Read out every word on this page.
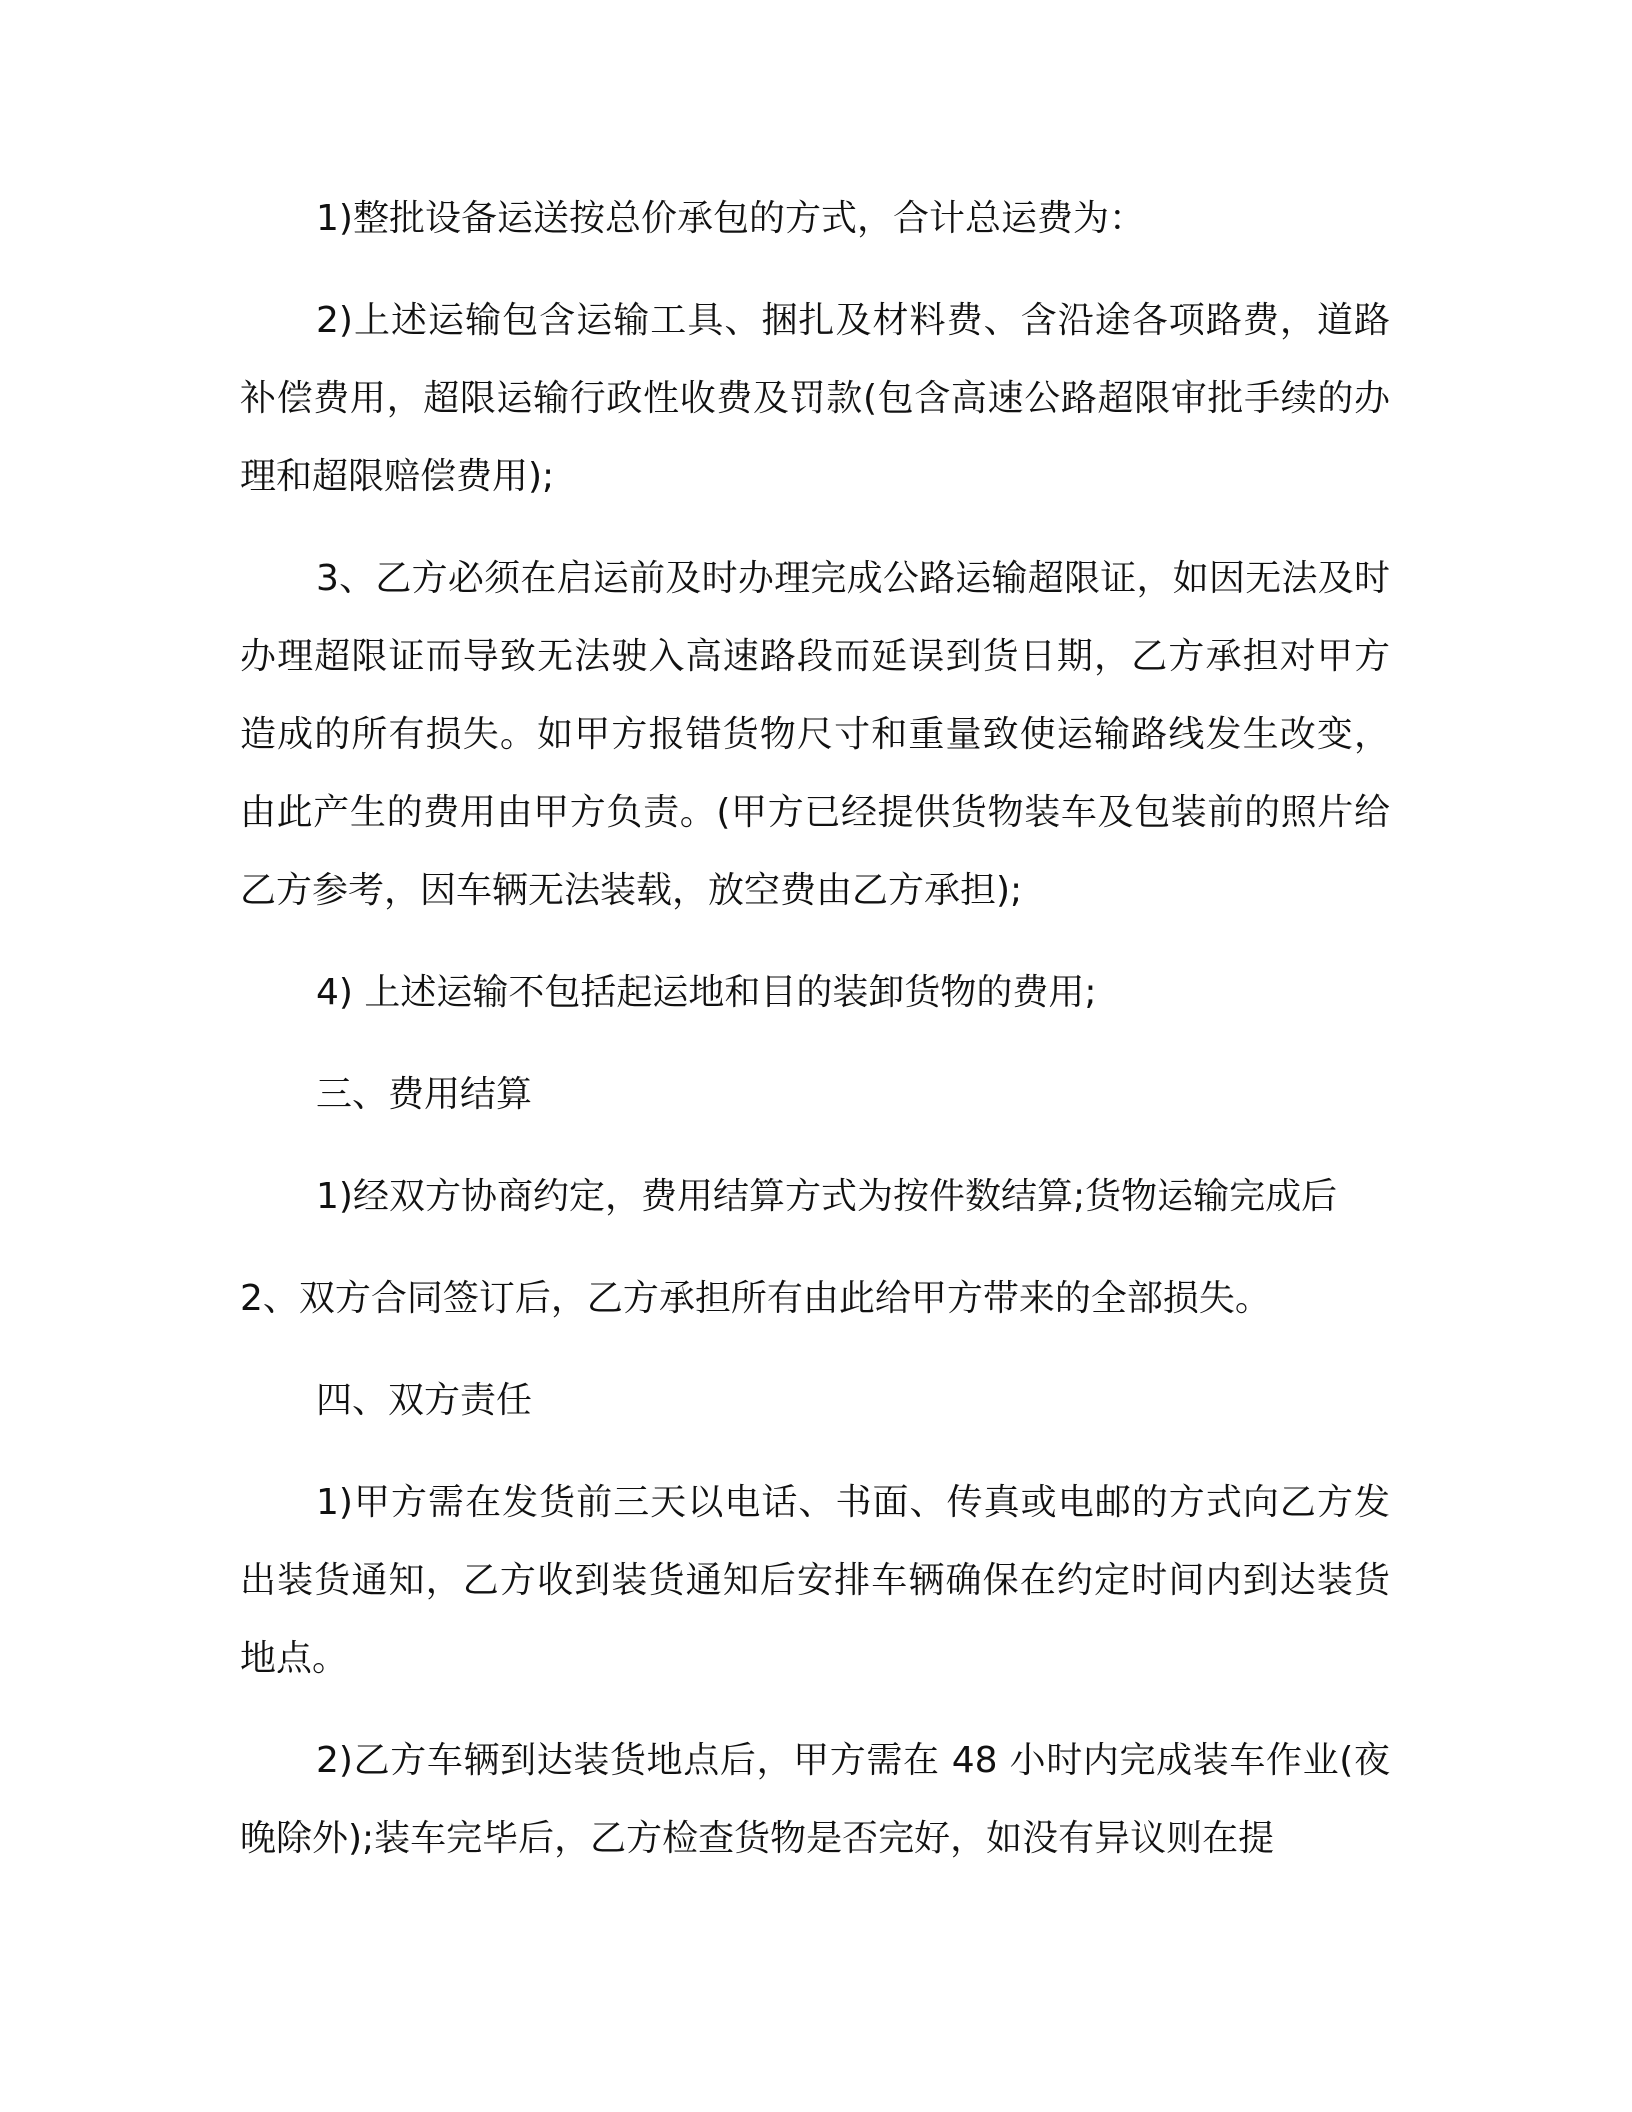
1)整批设备运送按总价承包的方式，合计总运费为：

2)上述运输包含运输工具、捆扎及材料费、含沿途各项路费，道路补偿费用，超限运输行政性收费及罚款(包含高速公路超限审批手续的办理和超限赔偿费用);

3、乙方必须在启运前及时办理完成公路运输超限证，如因无法及时办理超限证而导致无法驶入高速路段而延误到货日期，乙方承担对甲方造成的所有损失。如甲方报错货物尺寸和重量致使运输路线发生改变，由此产生的费用由甲方负责。(甲方已经提供货物装车及包装前的照片给乙方参考，因车辆无法装载，放空费由乙方承担);

4) 上述运输不包括起运地和目的装卸货物的费用;

三、费用结算

1)经双方协商约定，费用结算方式为按件数结算;货物运输完成后

2、双方合同签订后，乙方承担所有由此给甲方带来的全部损失。

四、双方责任

1)甲方需在发货前三天以电话、书面、传真或电邮的方式向乙方发出装货通知，乙方收到装货通知后安排车辆确保在约定时间内到达装货地点。

2)乙方车辆到达装货地点后，甲方需在 48 小时内完成装车作业(夜晚除外);装车完毕后，乙方检查货物是否完好，如没有异议则在提
